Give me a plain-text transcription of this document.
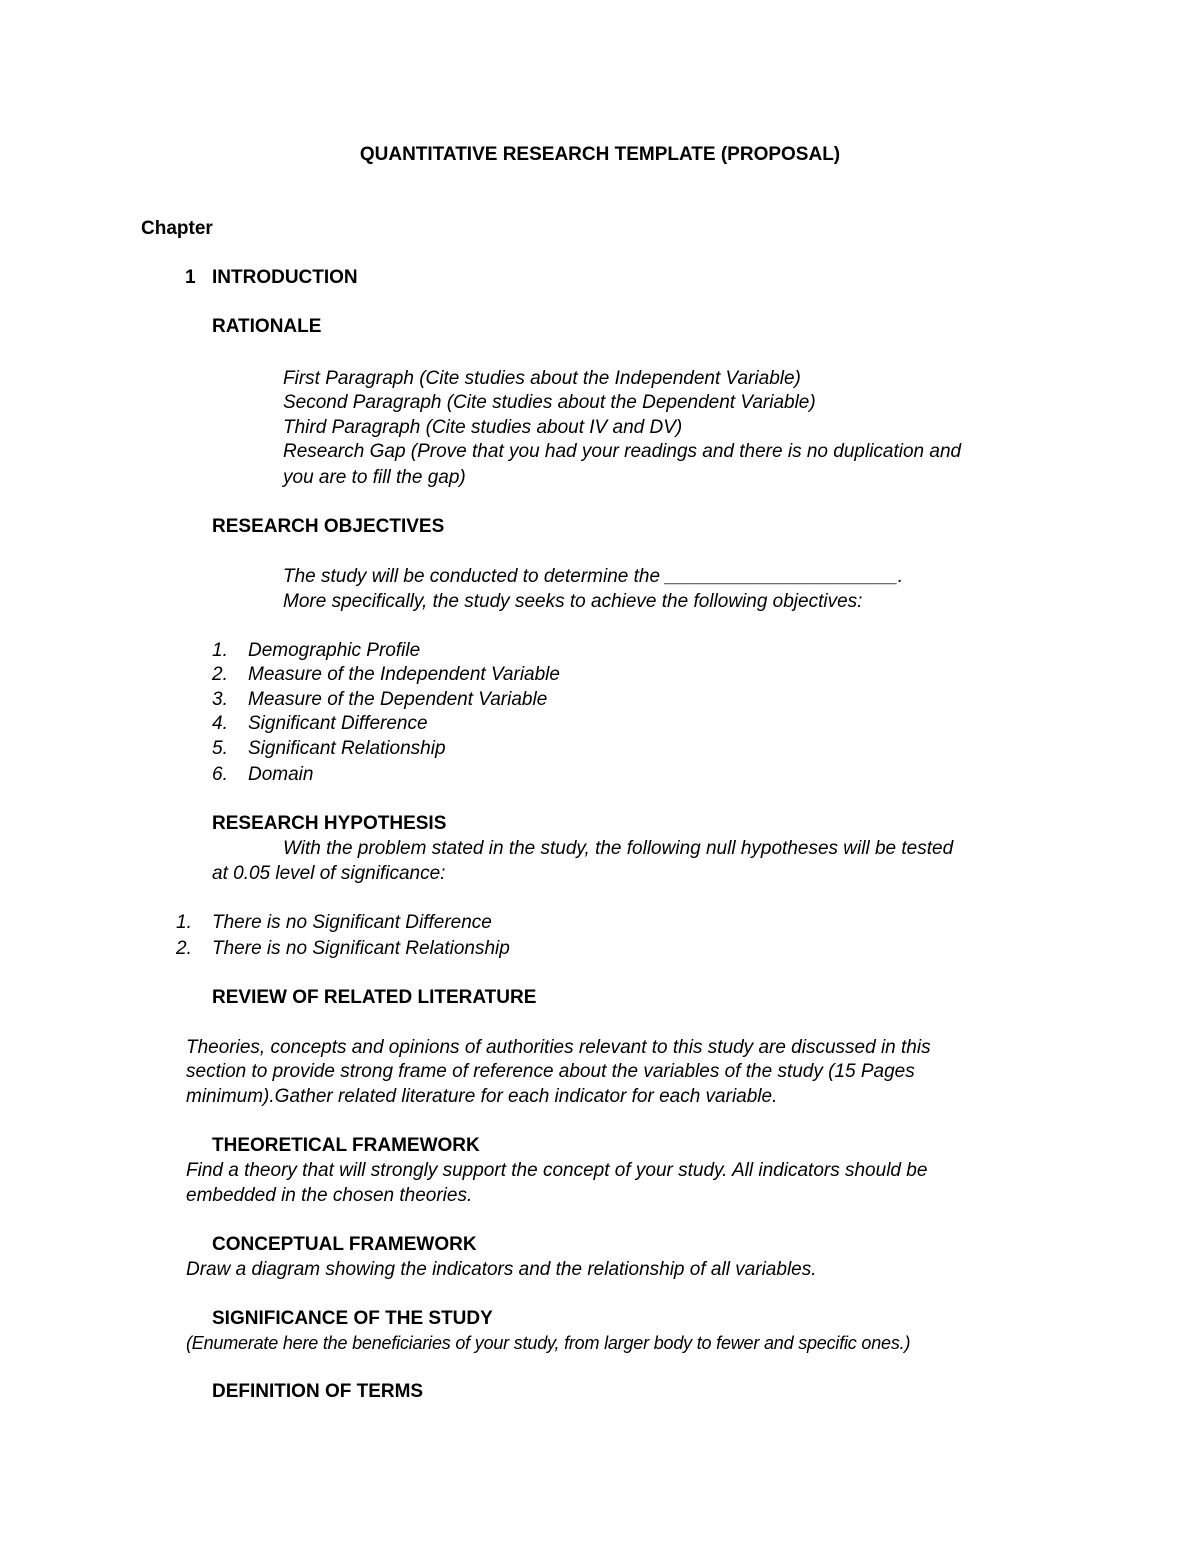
QUANTITATIVE RESEARCH TEMPLATE (PROPOSAL)
Chapter
1 INTRODUCTION
RATIONALE
First Paragraph (Cite studies about the Independent Variable)
Second Paragraph (Cite studies about the Dependent Variable)
Third Paragraph (Cite studies about IV and DV)
Research Gap (Prove that you had your readings and there is no duplication and
you are to fill the gap)
RESEARCH OBJECTIVES
The study will be conducted to determine the ______________________.
More specifically, the study seeks to achieve the following objectives:
1. Demographic Profile
2. Measure of the Independent Variable
3. Measure of the Dependent Variable
4. Significant Difference
5. Significant Relationship
6. Domain
RESEARCH HYPOTHESIS
With the problem stated in the study, the following null hypotheses will be tested
at 0.05 level of significance:
1. There is no Significant Difference
2. There is no Significant Relationship
REVIEW OF RELATED LITERATURE
Theories, concepts and opinions of authorities relevant to this study are discussed in this
section to provide strong frame of reference about the variables of the study (15 Pages
minimum).Gather related literature for each indicator for each variable.
THEORETICAL FRAMEWORK
Find a theory that will strongly support the concept of your study. All indicators should be
embedded in the chosen theories.
CONCEPTUAL FRAMEWORK
Draw a diagram showing the indicators and the relationship of all variables.
SIGNIFICANCE OF THE STUDY
(Enumerate here the beneficiaries of your study, from larger body to fewer and specific ones.)
DEFINITION OF TERMS
